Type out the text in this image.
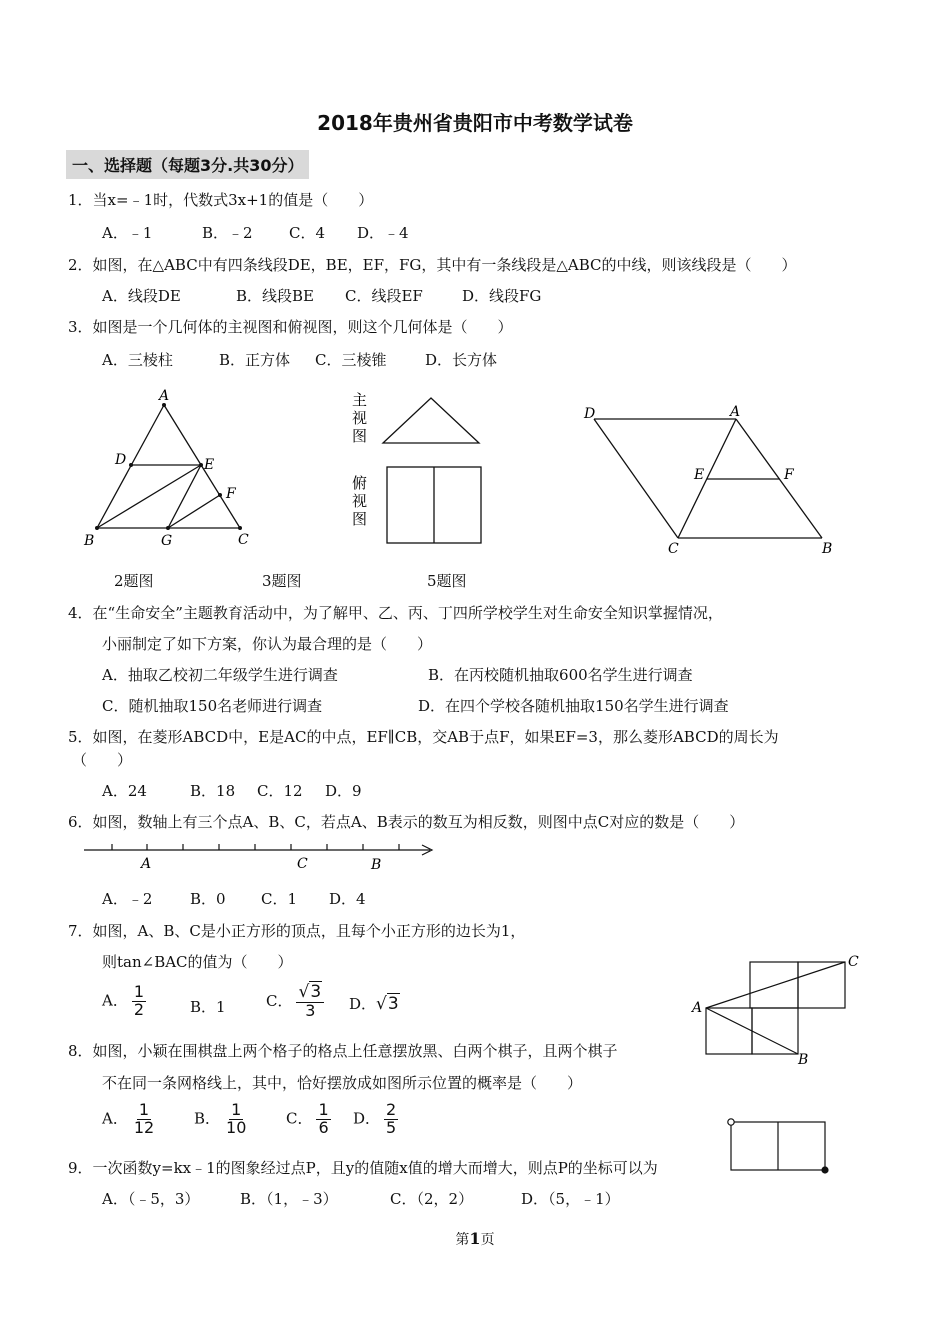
2018年贵州省贵阳市中考数学试卷
一、选择题（每题3分.共30分）
1．当x=﹣1时，代数式3x+1的值是（　　）
A．﹣1	B．﹣2 C．4 D．﹣4
2．如图，在△ABC中有四条线段DE，BE，EF，FG，其中有一条线段是△ABC的中线，则该线段是（　　）
A．线段DE	B．线段BE C．线段EF	D．线段FG
3．如图是一个几何体的主视图和俯视图，则这个几何体是（　　）
A．三棱柱	B．正方体 C．三棱锥	D．长方体
A
D	E
F
B	G	C
主
视
图
俯
视
图
D	A
E	F
C	B
2题图	3题图	5题图
4．在“生命安全”主题教育活动中，为了解甲、乙、丙、丁四所学校学生对生命安全知识掌握情况，
小丽制定了如下方案，你认为最合理的是（　　）
A．抽取乙校初二年级学生进行调查	B．在丙校随机抽取600名学生进行调查
C．随机抽取150名老师进行调查	D．在四个学校各随机抽取150名学生进行调查
5．如图，在菱形ABCD中，E是AC的中点，EF∥CB，交AB于点F，如果EF=3，那么菱形ABCD的周长为
（　　）
A．24	B．18 C．12 D．9
6．如图，数轴上有三个点A、B、C，若点A、B表示的数互为相反数，则图中点C对应的数是（　　）
A	C	B
A．﹣2	B．0 C．1 D．4
7．如图，A、B、C是小正方形的顶点，且每个小正方形的边长为1，
则tan∠BAC的值为（　　）
A． $\frac{1}{2}$	B．1	C． $\frac{√3}{3}$ D．√3	A
C
B
8．如图，小颖在围棋盘上两个格子的格点上任意摆放黑、白两个棋子，且两个棋子
不在同一条网格线上，其中，恰好摆放成如图所示位置的概率是（　　）
A． $\frac{1}{12}$	B． $\frac{1}{10}$	C． $\frac{1}{6}$ D． $\frac{2}{5}$
9．一次函数y=kx﹣1的图象经过点P，且y的值随x值的增大而增大，则点P的坐标可以为
A．（﹣5，3）	B．（1，﹣3）	C．（2，2）	D．（5，﹣1）
第1页
